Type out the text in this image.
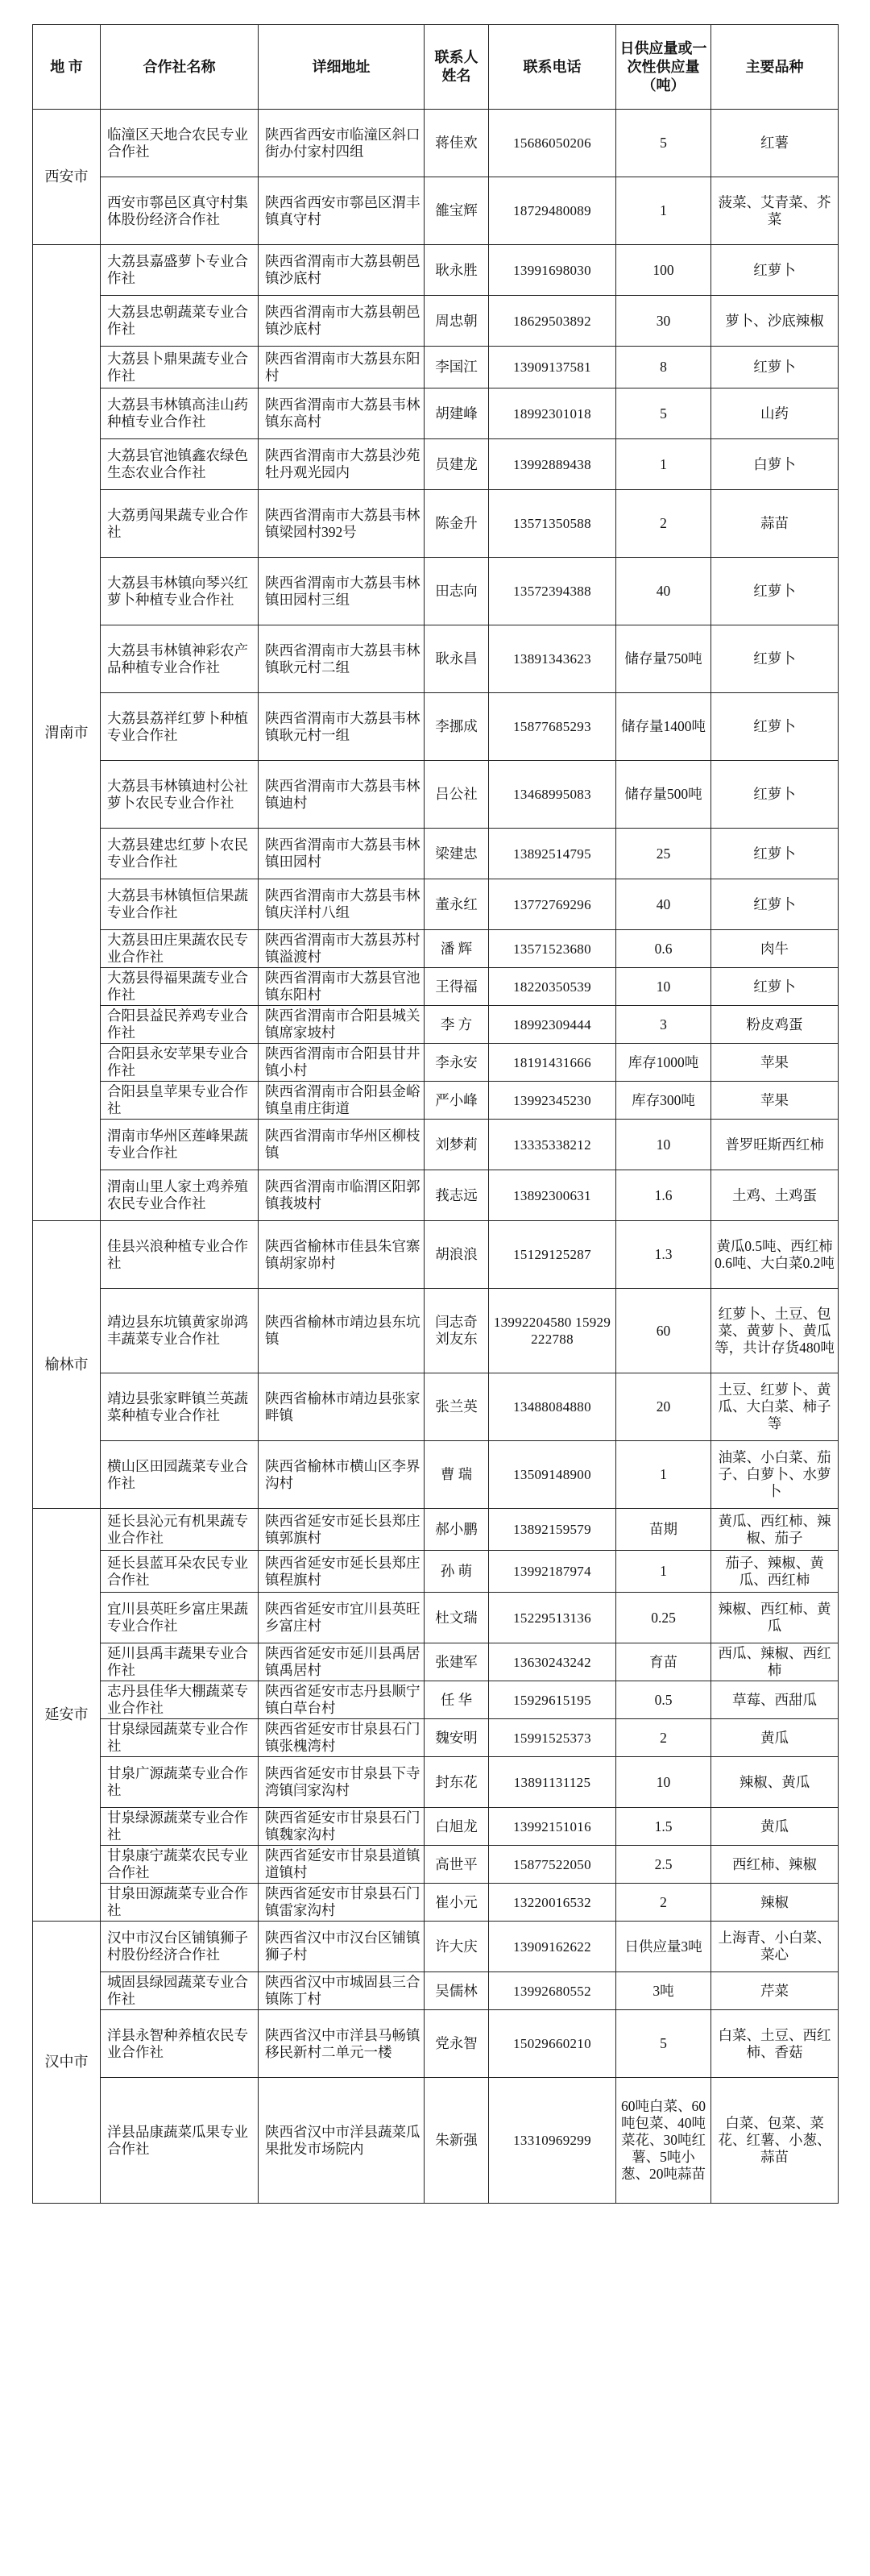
地 市	合作社名称	详细地址	联系人姓名	联系电话	日供应量或一次性供应量（吨）	主要品种
西安市	临潼区天地合农民专业合作社	陕西省西安市临潼区斜口街办付家村四组	蒋佳欢	15686050206	5	红薯
	西安市鄠邑区真守村集体股份经济合作社	陕西省西安市鄠邑区渭丰镇真守村	雒宝辉	18729480089	1	菠菜、艾青菜、芥菜
渭南市	大荔县嘉盛萝卜专业合作社	陕西省渭南市大荔县朝邑镇沙底村	耿永胜	13991698030	100	红萝卜
	大荔县忠朝蔬菜专业合作社	陕西省渭南市大荔县朝邑镇沙底村	周忠朝	18629503892	30	萝卜、沙底辣椒
	大荔县卜鼎果蔬专业合作社	陕西省渭南市大荔县东阳村	李国江	13909137581	8	红萝卜
	大荔县韦林镇高洼山药种植专业合作社	陕西省渭南市大荔县韦林镇东高村	胡建峰	18992301018	5	山药
	大荔县官池镇鑫农绿色生态农业合作社	陕西省渭南市大荔县沙苑牡丹观光园内	员建龙	13992889438	1	白萝卜
	大荔勇闯果蔬专业合作社	陕西省渭南市大荔县韦林镇梁园村392号	陈金升	13571350588	2	蒜苗
	大荔县韦林镇向琴兴红萝卜种植专业合作社	陕西省渭南市大荔县韦林镇田园村三组	田志向	13572394388	40	红萝卜
	大荔县韦林镇神彩农产品种植专业合作社	陕西省渭南市大荔县韦林镇耿元村二组	耿永昌	13891343623	储存量750吨	红萝卜
	大荔县荔祥红萝卜种植专业合作社	陕西省渭南市大荔县韦林镇耿元村一组	李挪成	15877685293	储存量1400吨	红萝卜
	大荔县韦林镇迪村公社萝卜农民专业合作社	陕西省渭南市大荔县韦林镇迪村	吕公社	13468995083	储存量500吨	红萝卜
	大荔县建忠红萝卜农民专业合作社	陕西省渭南市大荔县韦林镇田园村	梁建忠	13892514795	25	红萝卜
	大荔县韦林镇恒信果蔬专业合作社	陕西省渭南市大荔县韦林镇庆洋村八组	董永红	13772769296	40	红萝卜
	大荔县田庄果蔬农民专业合作社	陕西省渭南市大荔县苏村镇溢渡村	潘 辉	13571523680	0.6	肉牛
	大荔县得福果蔬专业合作社	陕西省渭南市大荔县官池镇东阳村	王得福	18220350539	10	红萝卜
	合阳县益民养鸡专业合作社	陕西省渭南市合阳县城关镇席家坡村	李 方	18992309444	3	粉皮鸡蛋
	合阳县永安苹果专业合作社	陕西省渭南市合阳县甘井镇小村	李永安	18191431666	库存1000吨	苹果
	合阳县皇苹果专业合作社	陕西省渭南市合阳县金峪镇皇甫庄街道	严小峰	13992345230	库存300吨	苹果
	渭南市华州区莲峰果蔬专业合作社	陕西省渭南市华州区柳枝镇	刘梦莉	13335338212	10	普罗旺斯西红柿
	渭南山里人家土鸡养殖农民专业合作社	陕西省渭南市临渭区阳郭镇莪坡村	莪志远	13892300631	1.6	土鸡、土鸡蛋
榆林市	佳县兴浪种植专业合作社	陕西省榆林市佳县朱官寨镇胡家峁村	胡浪浪	15129125287	1.3	黄瓜0.5吨、西红柿0.6吨、大白菜0.2吨
	靖边县东坑镇黄家峁鸿丰蔬菜专业合作社	陕西省榆林市靖边县东坑镇	闫志奇 刘友东	13992204580 15929222788	60	红萝卜、土豆、包菜、黄萝卜、黄瓜等，共计存货480吨
	靖边县张家畔镇兰英蔬菜种植专业合作社	陕西省榆林市靖边县张家畔镇	张兰英	13488084880	20	土豆、红萝卜、黄瓜、大白菜、柿子等
	横山区田园蔬菜专业合作社	陕西省榆林市横山区李界沟村	曹 瑞	13509148900	1	油菜、小白菜、茄子、白萝卜、水萝卜
延安市	延长县沁元有机果蔬专业合作社	陕西省延安市延长县郑庄镇郭旗村	郝小鹏	13892159579	苗期	黄瓜、西红柿、辣椒、茄子
	延长县蓝耳朵农民专业合作社	陕西省延安市延长县郑庄镇程旗村	孙 萌	13992187974	1	茄子、辣椒、黄瓜、西红柿
	宜川县英旺乡富庄果蔬专业合作社	陕西省延安市宜川县英旺乡富庄村	杜文瑞	15229513136	0.25	辣椒、西红柿、黄瓜
	延川县禹丰蔬果专业合作社	陕西省延安市延川县禹居镇禹居村	张建军	13630243242	育苗	西瓜、辣椒、西红柿
	志丹县佳华大棚蔬菜专业合作社	陕西省延安市志丹县顺宁镇白草台村	任 华	15929615195	0.5	草莓、西甜瓜
	甘泉绿园蔬菜专业合作社	陕西省延安市甘泉县石门镇张槐湾村	魏安明	15991525373	2	黄瓜
	甘泉广源蔬菜专业合作社	陕西省延安市甘泉县下寺湾镇闫家沟村	封东花	13891131125	10	辣椒、黄瓜
	甘泉绿源蔬菜专业合作社	陕西省延安市甘泉县石门镇魏家沟村	白旭龙	13992151016	1.5	黄瓜
	甘泉康宁蔬菜农民专业合作社	陕西省延安市甘泉县道镇道镇村	高世平	15877522050	2.5	西红柿、辣椒
	甘泉田源蔬菜专业合作社	陕西省延安市甘泉县石门镇雷家沟村	崔小元	13220016532	2	辣椒
汉中市	汉中市汉台区铺镇狮子村股份经济合作社	陕西省汉中市汉台区铺镇狮子村	许大庆	13909162622	日供应量3吨	上海青、小白菜、菜心
	城固县绿园蔬菜专业合作社	陕西省汉中市城固县三合镇陈丁村	吴儒林	13992680552	3吨	芹菜
	洋县永智种养植农民专业合作社	陕西省汉中市洋县马畅镇移民新村二单元一楼	党永智	15029660210	5	白菜、土豆、西红柿、香菇
	洋县品康蔬菜瓜果专业合作社	陕西省汉中市洋县蔬菜瓜果批发市场院内	朱新强	13310969299	60吨白菜、60吨包菜、40吨菜花、30吨红薯、5吨小葱、20吨蒜苗	白菜、包菜、菜花、红薯、小葱、蒜苗
